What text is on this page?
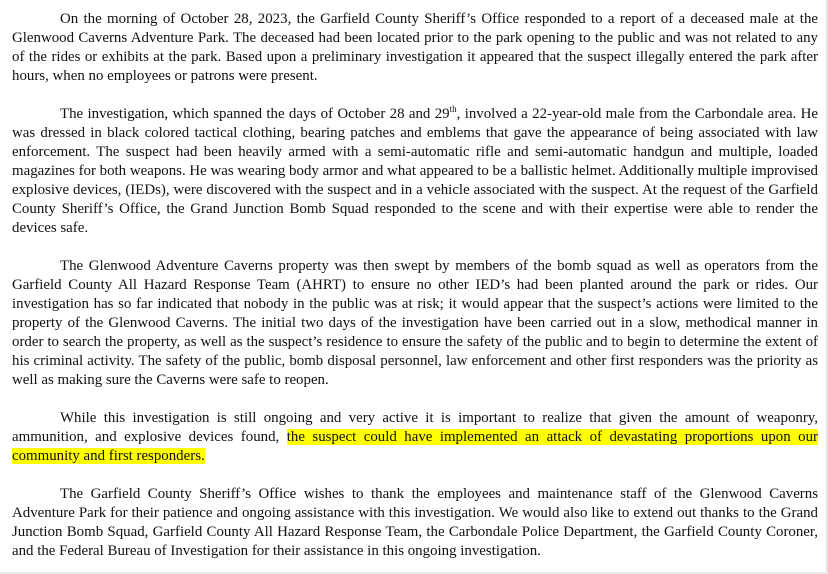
On the morning of October 28, 2023, the Garfield County Sheriff’s Office responded to a report of a deceased male at the Glenwood Caverns Adventure Park. The deceased had been located prior to the park opening to the public and was not related to any of the rides or exhibits at the park. Based upon a preliminary investigation it appeared that the suspect illegally entered the park after hours, when no employees or patrons were present.

The investigation, which spanned the days of October 28 and 29th, involved a 22-year-old male from the Carbondale area. He was dressed in black colored tactical clothing, bearing patches and emblems that gave the appearance of being associated with law enforcement. The suspect had been heavily armed with a semi-automatic rifle and semi-automatic handgun and multiple, loaded magazines for both weapons. He was wearing body armor and what appeared to be a ballistic helmet. Additionally multiple improvised explosive devices, (IEDs), were discovered with the suspect and in a vehicle associated with the suspect. At the request of the Garfield County Sheriff’s Office, the Grand Junction Bomb Squad responded to the scene and with their expertise were able to render the devices safe.

The Glenwood Adventure Caverns property was then swept by members of the bomb squad as well as operators from the Garfield County All Hazard Response Team (AHRT) to ensure no other IED’s had been planted around the park or rides. Our investigation has so far indicated that nobody in the public was at risk; it would appear that the suspect’s actions were limited to the property of the Glenwood Caverns. The initial two days of the investigation have been carried out in a slow, methodical manner in order to search the property, as well as the suspect’s residence to ensure the safety of the public and to begin to determine the extent of his criminal activity. The safety of the public, bomb disposal personnel, law enforcement and other first responders was the priority as well as making sure the Caverns were safe to reopen.

While this investigation is still ongoing and very active it is important to realize that given the amount of weaponry, ammunition, and explosive devices found, the suspect could have implemented an attack of devastating proportions upon our community and first responders.

The Garfield County Sheriff’s Office wishes to thank the employees and maintenance staff of the Glenwood Caverns Adventure Park for their patience and ongoing assistance with this investigation. We would also like to extend out thanks to the Grand Junction Bomb Squad, Garfield County All Hazard Response Team, the Carbondale Police Department, the Garfield County Coroner, and the Federal Bureau of Investigation for their assistance in this ongoing investigation.
